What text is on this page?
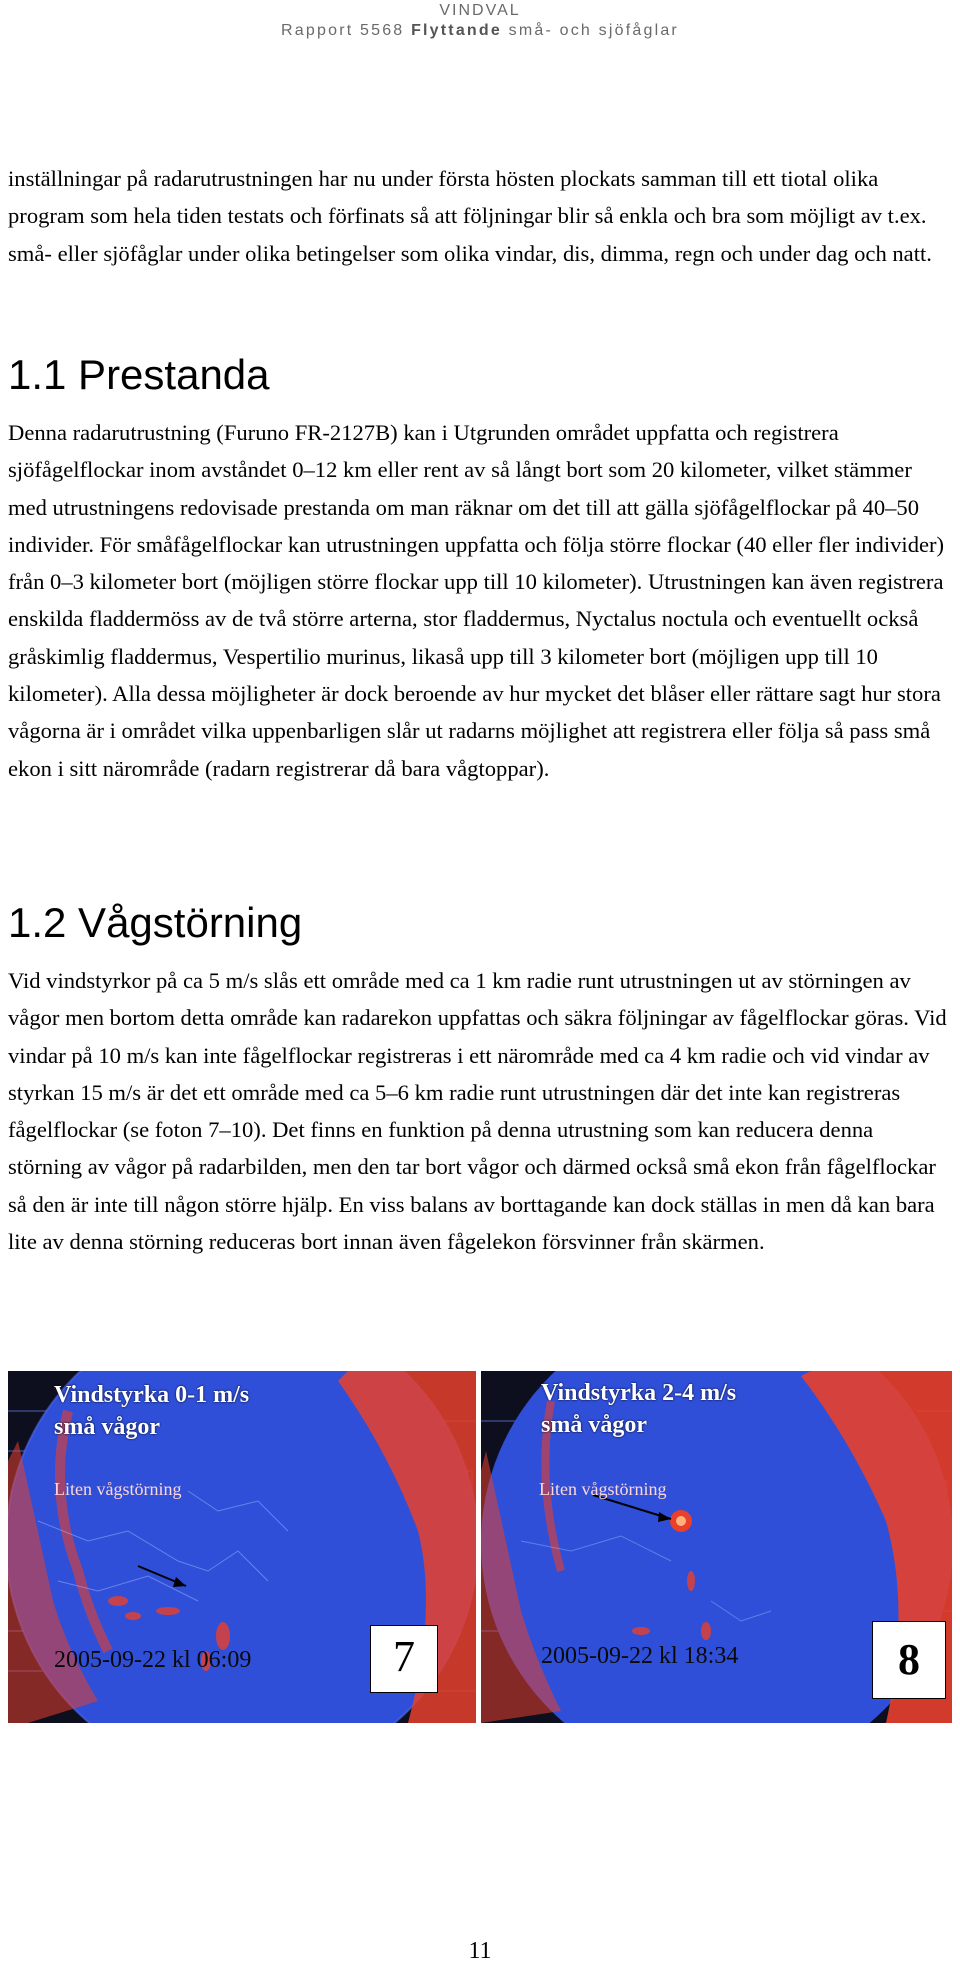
VINDVAL
Rapport 5568 Flyttande små- och sjöfåglar

inställningar på radarutrustningen har nu under första hösten plockats samman till ett tiotal olika program som hela tiden testats och förfinats så att följningar blir så enkla och bra som möjligt av t.ex. små- eller sjöfåglar under olika betingelser som olika vindar, dis, dimma, regn och under dag och natt.

1.1 Prestanda

Denna radarutrustning (Furuno FR-2127B) kan i Utgrunden området uppfatta och registrera sjöfågelflockar inom avståndet 0–12 km eller rent av så långt bort som 20 kilometer, vilket stämmer med utrustningens redovisade prestanda om man räknar om det till att gälla sjöfågelflockar på 40–50 individer. För småfågelflockar kan utrustningen uppfatta och följa större flockar (40 eller fler individer) från 0–3 kilometer bort (möjligen större flockar upp till 10 kilometer). Utrustningen kan även registrera enskilda fladdermöss av de två större arterna, stor fladdermus, Nyctalus noctula och eventuellt också gråskimlig fladdermus, Vespertilio murinus, likaså upp till 3 kilometer bort (möjligen upp till 10 kilometer). Alla dessa möjligheter är dock beroende av hur mycket det blåser eller rättare sagt hur stora vågorna är i området vilka uppenbarligen slår ut radarns möjlighet att registrera eller följa så pass små ekon i sitt närområde (radarn registrerar då bara vågtoppar).

1.2 Vågstörning

Vid vindstyrkor på ca 5 m/s slås ett område med ca 1 km radie runt utrustningen ut av störningen av vågor men bortom detta område kan radarekon uppfattas och säkra följningar av fågelflockar göras. Vid vindar på 10 m/s kan inte fågelflockar registreras i ett närområde med ca 4 km radie och vid vindar av styrkan 15 m/s är det ett område med ca 5–6 km radie runt utrustningen där det inte kan registreras fågelflockar (se foton 7–10). Det finns en funktion på denna utrustning som kan reducera denna störning av vågor på radarbilden, men den tar bort vågor och därmed också små ekon från fågelflockar så den är inte till någon större hjälp. En viss balans av borttagande kan dock ställas in men då kan bara lite av denna störning reduceras bort innan även fågelekon försvinner från skärmen.

Vindstyrka 0-1 m/s
små vågor
Liten vågstörning
2005-09-22 kl 06:09	7
Vindstyrka 2-4 m/s
små vågor
Liten vågstörning
2005-09-22 kl 18:34	8
11
